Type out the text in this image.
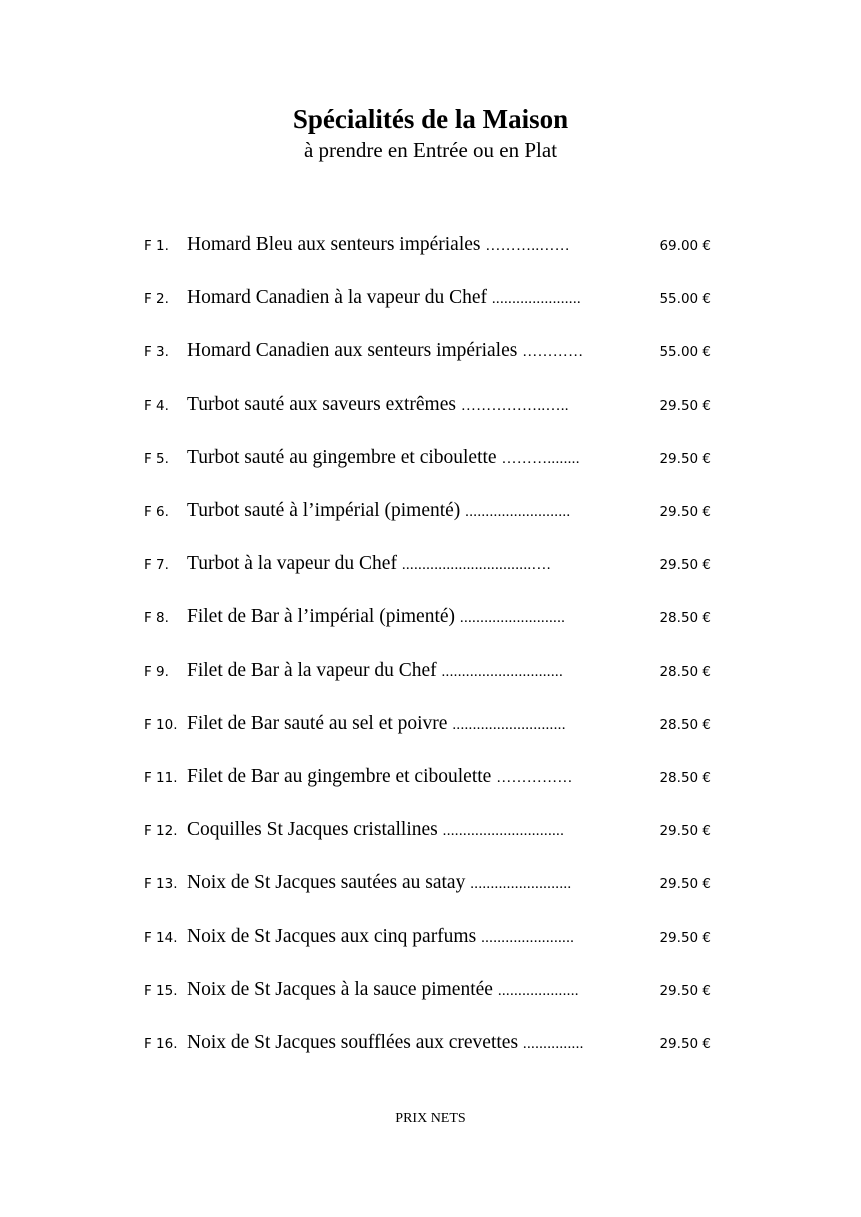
Spécialités de la Maison
à prendre en Entrée ou en Plat
F 1. Homard Bleu aux senteurs impériales ………..……	69.00 €
F 2. Homard Canadien à la vapeur du Chef ......................	55.00 €
F 3. Homard Canadien aux senteurs impériales …………	55.00 €
F 4. Turbot sauté aux saveurs extrêmes ……………..…..	29.50 €
F 5. Turbot sauté au gingembre et ciboulette ………........	29.50 €
F 6. Turbot sauté à l’impérial (pimenté) ..........................	29.50 €
F 7. Turbot à la vapeur du Chef ................................….	29.50 €
F 8. Filet de Bar à l’impérial (pimenté) ..........................	28.50 €
F 9. Filet de Bar à la vapeur du Chef ..............................	28.50 €
F 10. Filet de Bar sauté au sel et poivre ............................	28.50 €
F 11. Filet de Bar au gingembre et ciboulette ……………	28.50 €
F 12. Coquilles St Jacques cristallines ..............................	29.50 €
F 13. Noix de St Jacques sautées au satay .........................	29.50 €
F 14. Noix de St Jacques aux cinq parfums .......................	29.50 €
F 15. Noix de St Jacques à la sauce pimentée ....................	29.50 €
F 16. Noix de St Jacques soufflées aux crevettes ...............	29.50 €
PRIX NETS
